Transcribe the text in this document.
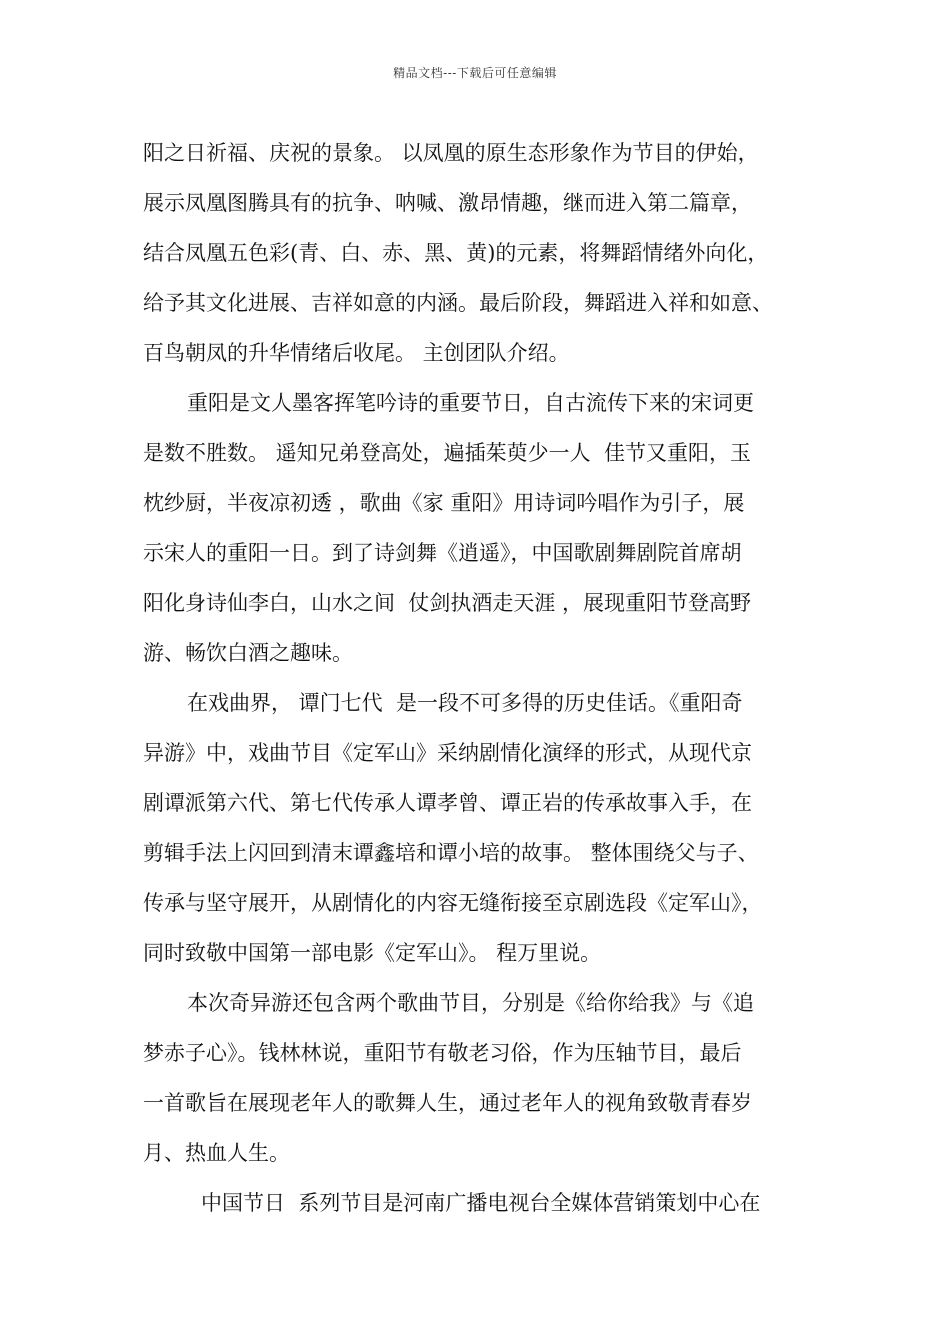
精品文档---下载后可任意编辑
阳之日祈福、庆祝的景象。 以凤凰的原生态形象作为节目的伊始，
展示凤凰图腾具有的抗争、呐喊、激昂情趣，继而进入第二篇章，
结合凤凰五色彩(青、白、赤、黑、黄)的元素，将舞蹈情绪外向化，
给予其文化进展、吉祥如意的内涵。最后阶段，舞蹈进入祥和如意、
百鸟朝凤的升华情绪后收尾。 主创团队介绍。
重阳是文人墨客挥笔吟诗的重要节日，自古流传下来的宋词更
是数不胜数。 遥知兄弟登高处，遍插茱萸少一人  佳节又重阳，玉
枕纱厨，半夜凉初透 ，歌曲《家 重阳》用诗词吟唱作为引子，展
示宋人的重阳一日。到了诗剑舞《逍遥》，中国歌剧舞剧院首席胡
阳化身诗仙李白，山水之间  仗剑执酒走天涯 ，展现重阳节登高野
游、畅饮白酒之趣味。
在戏曲界， 谭门七代  是一段不可多得的历史佳话。《重阳奇
异游》中，戏曲节目《定军山》采纳剧情化演绎的形式，从现代京
剧谭派第六代、第七代传承人谭孝曾、谭正岩的传承故事入手，在
剪辑手法上闪回到清末谭鑫培和谭小培的故事。 整体围绕父与子、
传承与坚守展开，从剧情化的内容无缝衔接至京剧选段《定军山》，
同时致敬中国第一部电影《定军山》。 程万里说。
本次奇异游还包含两个歌曲节目，分别是《给你给我》与《追
梦赤子心》。钱林林说，重阳节有敬老习俗，作为压轴节目，最后
一首歌旨在展现老年人的歌舞人生，通过老年人的视角致敬青春岁
月、热血人生。
中国节日  系列节目是河南广播电视台全媒体营销策划中心在
